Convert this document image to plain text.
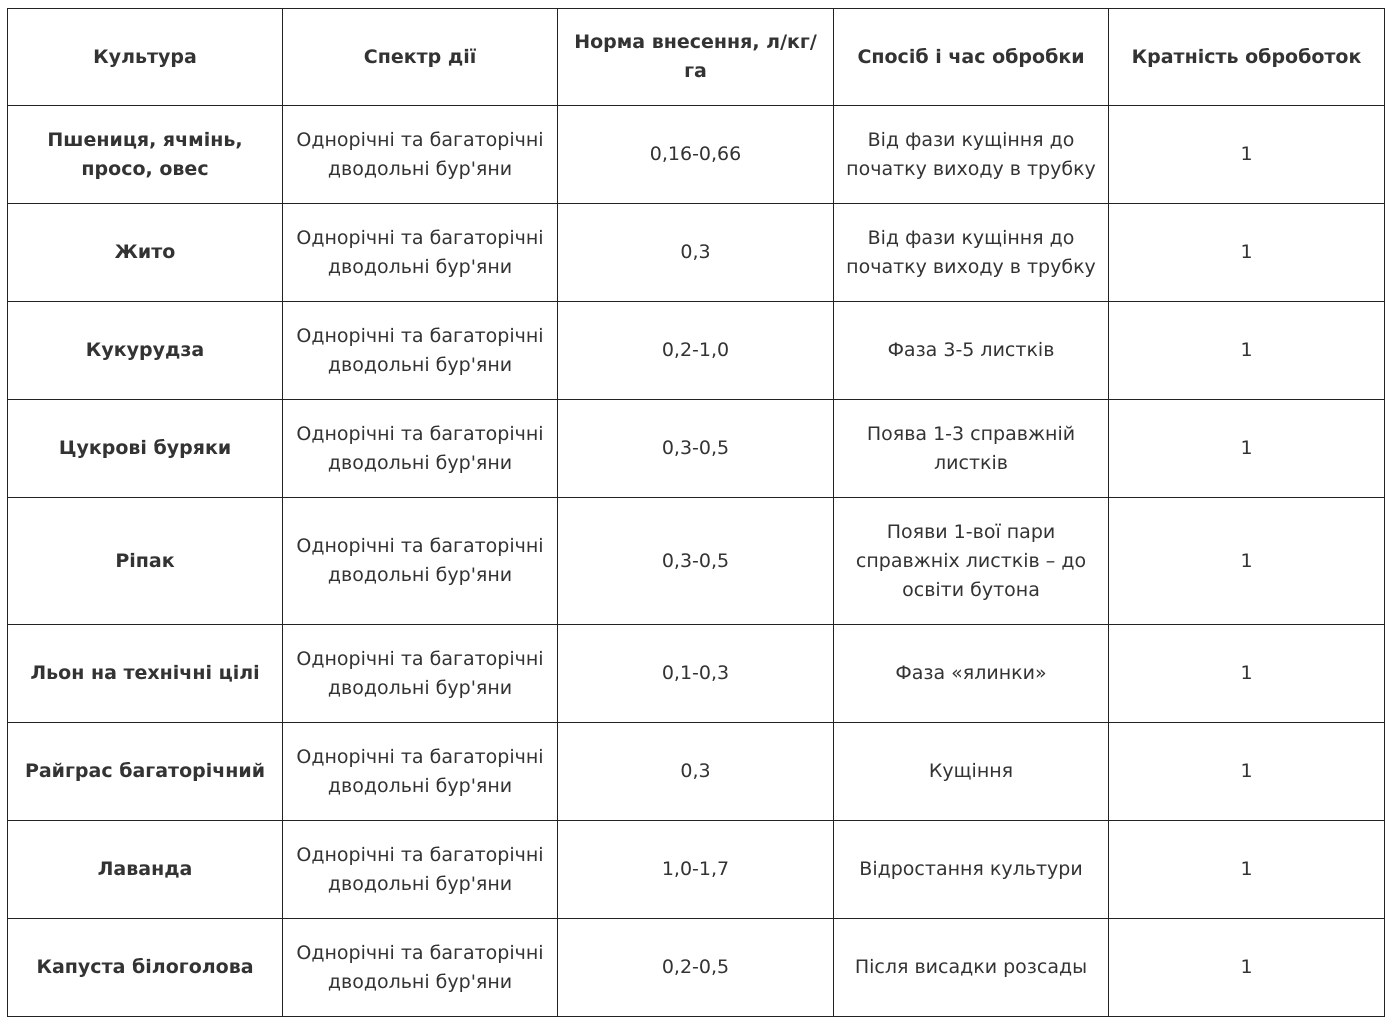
Культура	Спектр дії	Норма внесення, л/кг/га	Спосіб і час обробки	Кратність оброботок
Пшениця, ячмінь, просо, овес	Однорічні та багаторічні дводольні бур'яни	0,16-0,66	Від фази кущіння до початку виходу в трубку	1
Жито	Однорічні та багаторічні дводольні бур'яни	0,3	Від фази кущіння до початку виходу в трубку	1
Кукурудза	Однорічні та багаторічні дводольні бур'яни	0,2-1,0	Фаза 3-5 листків	1
Цукрові буряки	Однорічні та багаторічні дводольні бур'яни	0,3-0,5	Поява 1-3 справжній листків	1
Ріпак	Однорічні та багаторічні дводольні бур'яни	0,3-0,5	Появи 1-вої пари справжніх листків – до освіти бутона	1
Льон на технічні цілі	Однорічні та багаторічні дводольні бур'яни	0,1-0,3	Фаза «ялинки»	1
Райграс багаторічний	Однорічні та багаторічні дводольні бур'яни	0,3	Кущіння	1
Лаванда	Однорічні та багаторічні дводольні бур'яни	1,0-1,7	Відростання культури	1
Капуста білоголова	Однорічні та багаторічні дводольні бур'яни	0,2-0,5	Після висадки розсады	1
